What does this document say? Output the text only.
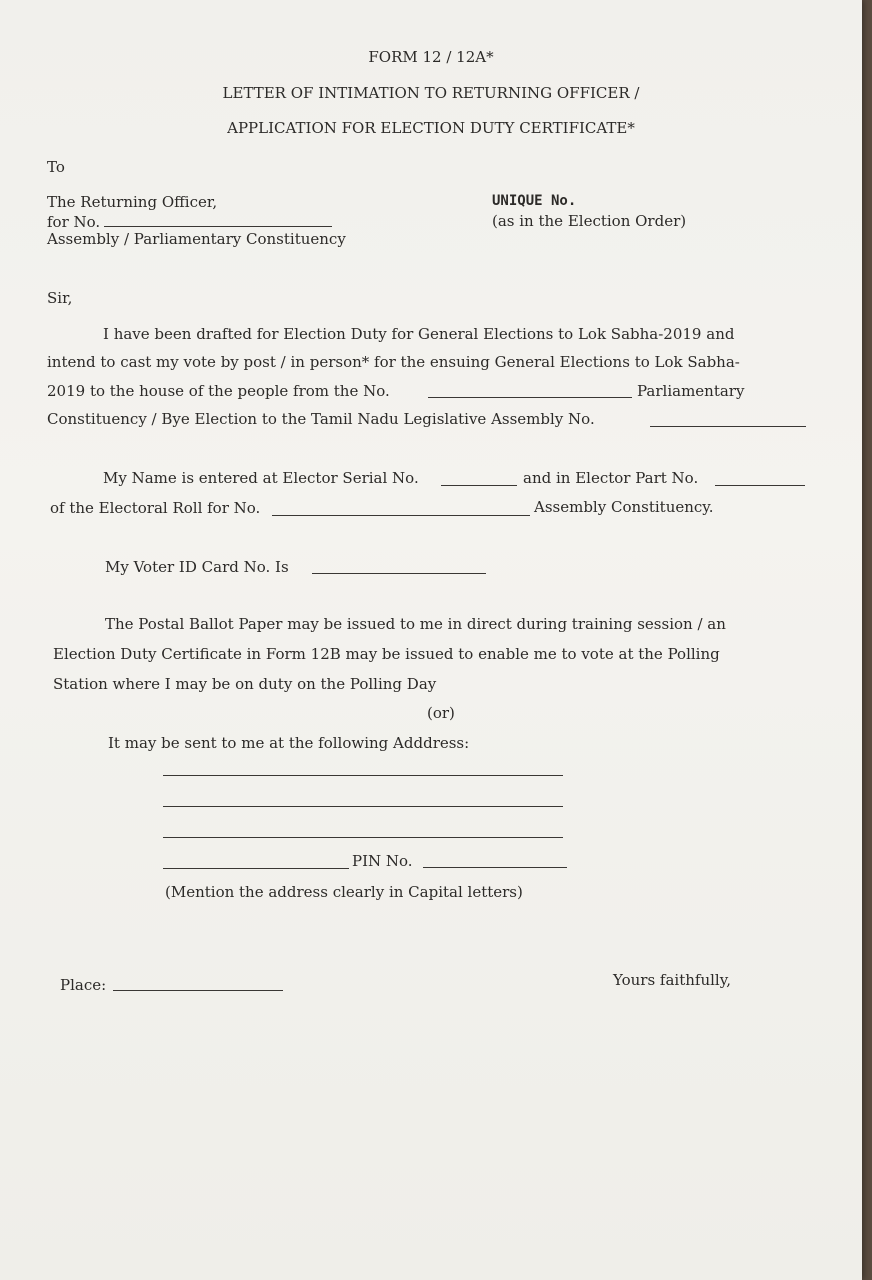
FORM 12 / 12A*
LETTER OF INTIMATION TO RETURNING OFFICER /
APPLICATION FOR ELECTION DUTY CERTIFICATE*
To
The Returning Officer,
for No.
Assembly / Parliamentary Constituency
UNIQUE No.
(as in the Election Order)
Sir,
I have been drafted for Election Duty for General Elections to Lok Sabha-2019 and
intend to cast my vote by post / in person* for the ensuing General Elections to Lok Sabha-
2019 to the house of the people from the No.	Parliamentary
Constituency / Bye Election to the Tamil Nadu Legislative Assembly No.
My Name is entered at Elector Serial No.	and in Elector Part No.
of the Electoral Roll for No.	Assembly Constituency.
My Voter ID Card No. Is
The Postal Ballot Paper may be issued to me in direct during training session / an
Election Duty Certificate in Form 12B may be issued to enable me to vote at the Polling
Station where I may be on duty on the Polling Day
(or)
It may be sent to me at the following Adddress:
PIN No.
(Mention the address clearly in Capital letters)
Place:	Yours faithfully,
